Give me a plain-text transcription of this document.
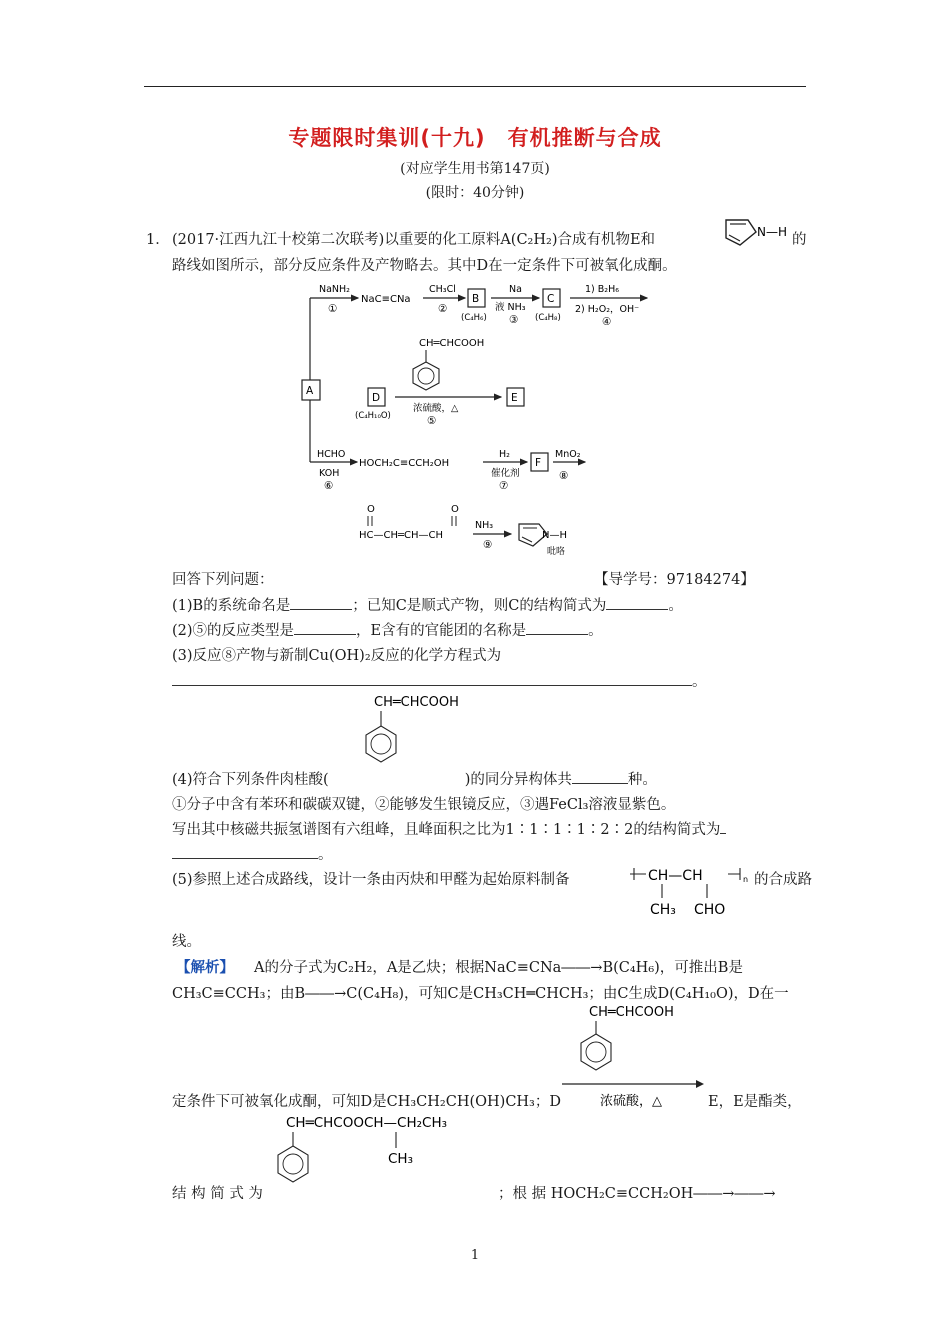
专题限时集训(十九)　有机推断与合成
(对应学生用书第147页)
(限时：40分钟)
1． (2017·江西九江十校第二次联考)以重要的化工原料A(C₂H₂)合成有机物E和	N—H 的
路线如图所示，部分反应条件及产物略去。其中D在一定条件下可被氧化成酮。
A
NaNH₂
①
NaC≡CNa
CH₃Cl
②
B
(C₄H₆)
Na
液 NH₃
③
C
(C₄H₈)
1) B₂H₆
2) H₂O₂，OH⁻
④
CH═CHCOOH
D
(C₄H₁₀O)
浓硫酸，△
⑤
E
HCHO
KOH
⑥
HOCH₂C≡CCH₂OH
H₂
催化剂
⑦
F
MnO₂
⑧
O	O
HC—CH═CH—CH
NH₃
⑨
N—H
吡咯
回答下列问题：	【导学号：97184274】
(1)B的系统命名是	；已知C是顺式产物，则C的结构简式为	。
(2)⑤的反应类型是	，E含有的官能团的名称是	。
(3)反应⑧产物与新制Cu(OH)₂反应的化学方程式为
。
CH═CHCOOH
(4)符合下列条件肉桂酸(	)的同分异构体共	种。
①分子中含有苯环和碳碳双键，②能够发生银镜反应，③遇FeCl₃溶液显紫色。
写出其中核磁共振氢谱图有六组峰，且峰面积之比为1∶1∶1∶1∶2∶2的结构简式为
。
(5)参照上述合成路线，设计一条由丙炔和甲醛为起始原料制备	CH—CH	n
CH₃ CHO
的合成路
线。
【解析】 A的分子式为C₂H₂，A是乙炔；根据NaC≡CNa――→B(C₄H₆)，可推出B是
CH₃C≡CCH₃；由B――→C(C₄H₈)，可知C是CH₃CH═CHCH₃；由C生成D(C₄H₁₀O)，D在一
CH═CHCOOH
定条件下可被氧化成酮，可知D是CH₃CH₂CH(OH)CH₃；D	浓硫酸，△	E，E是酯类，
CH═CHCOOCH—CH₂CH₃
CH₃
结 构 简 式 为	；根 据 HOCH₂C≡CCH₂OH――→――→
1
